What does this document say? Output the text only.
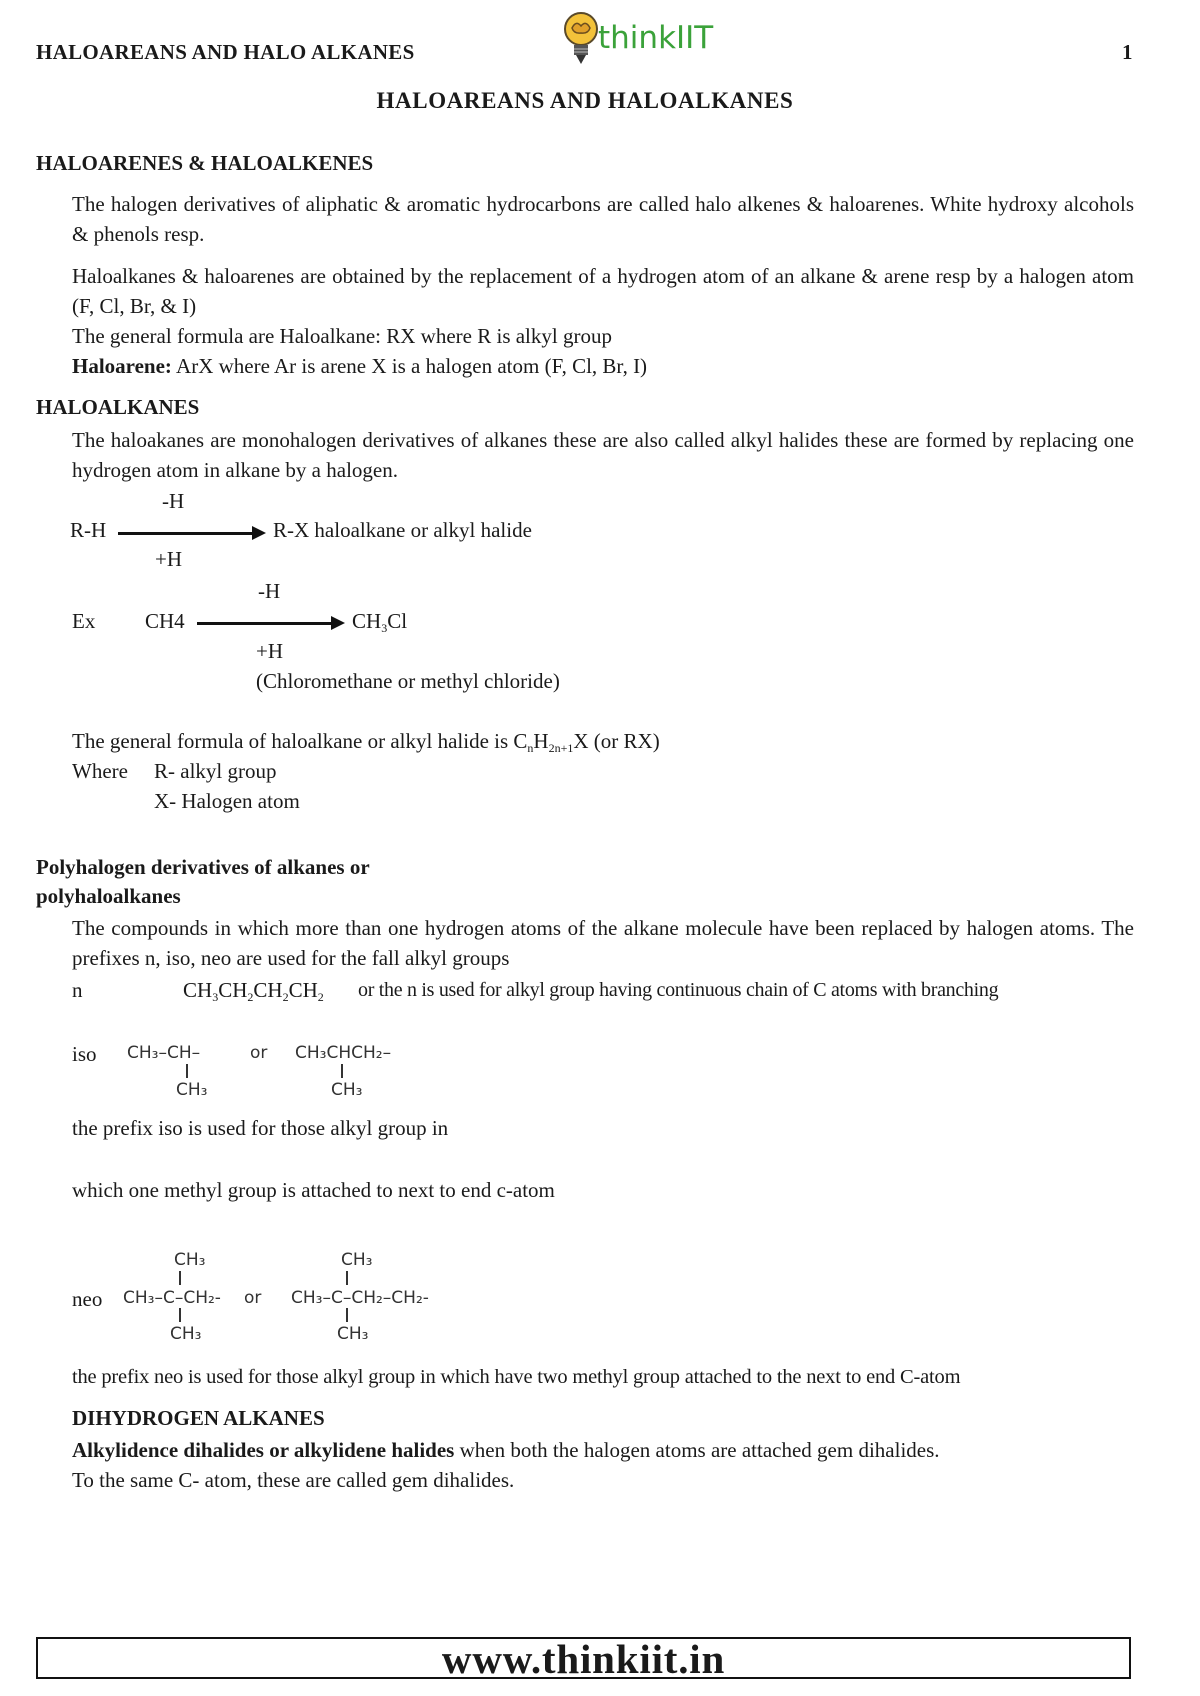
HALOAREANS AND HALO ALKANES	thinkIIT	1
HALOAREANS AND HALOALKANES
HALOARENES & HALOALKENES
The halogen derivatives of aliphatic & aromatic hydrocarbons are called halo alkenes & haloarenes. White hydroxy alcohols & phenols resp.
Haloalkanes & haloarenes are obtained by the replacement of a hydrogen atom of an alkane & arene resp by a halogen atom (F, Cl, Br, & I)
The general formula are Haloalkane: RX where R is alkyl group
Haloarene: ArX where Ar is arene X is a halogen atom (F, Cl, Br, I)
HALOALKANES
The haloakanes are monohalogen derivatives of alkanes these are also called alkyl halides these are formed by replacing one hydrogen atom in alkane by a halogen.
-H
R-H	R-X haloalkane or alkyl halide
+H
-H
Ex CH4	$CH_3Cl$
+H
(Chloromethane or methyl chloride)
The general formula of haloalkane or alkyl halide is $C_nH_{2n+1}X$ (or RX)
Where R- alkyl group
X- Halogen atom
Polyhalogen derivatives of alkanes or
polyhaloalkanes
The compounds in which more than one hydrogen atoms of the alkane molecule have been replaced by halogen atoms. The prefixes n, iso, neo are used for the fall alkyl groups
n	$CH_3CH_2CH_2CH_2$ or the n is used for alkyl group having continuous chain of C atoms with branching
iso CH₃–CH–
CH₃
or CH₃CHCH₂–
CH₃
the prefix iso is used for those alkyl group in
which one methyl group is attached to next to end c-atom
CH₃
neo CH₃–C–CH₂- or
CH₃
CH₃
CH₃–C–CH₂–CH₂-
CH₃
the prefix neo is used for those alkyl group in which have two methyl group attached to the next to end C-atom
DIHYDROGEN ALKANES
Alkylidence dihalides or alkylidene halides when both the halogen atoms are attached gem dihalides.
To the same C- atom, these are called gem dihalides.
www.thinkiit.in
